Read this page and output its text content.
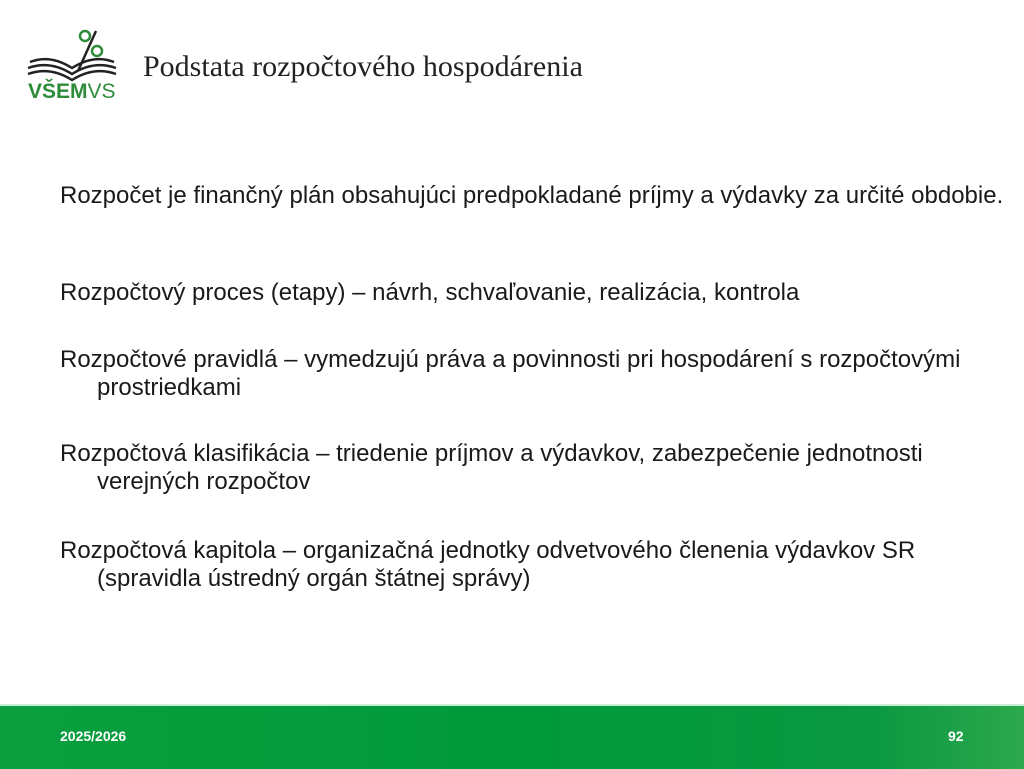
VŠEMVS
Podstata rozpočtového hospodárenia
Rozpočet je finančný plán obsahujúci predpokladané príjmy a výdavky za určité obdobie.
Rozpočtový proces (etapy) – návrh, schvaľovanie, realizácia, kontrola
Rozpočtové pravidlá – vymedzujú práva a povinnosti pri hospodárení s rozpočtovými prostriedkami
Rozpočtová klasifikácia – triedenie príjmov a výdavkov, zabezpečenie jednotnosti verejných rozpočtov
Rozpočtová kapitola – organizačná jednotky odvetvového členenia výdavkov SR (spravidla ústredný orgán štátnej správy)
2025/2026	92
